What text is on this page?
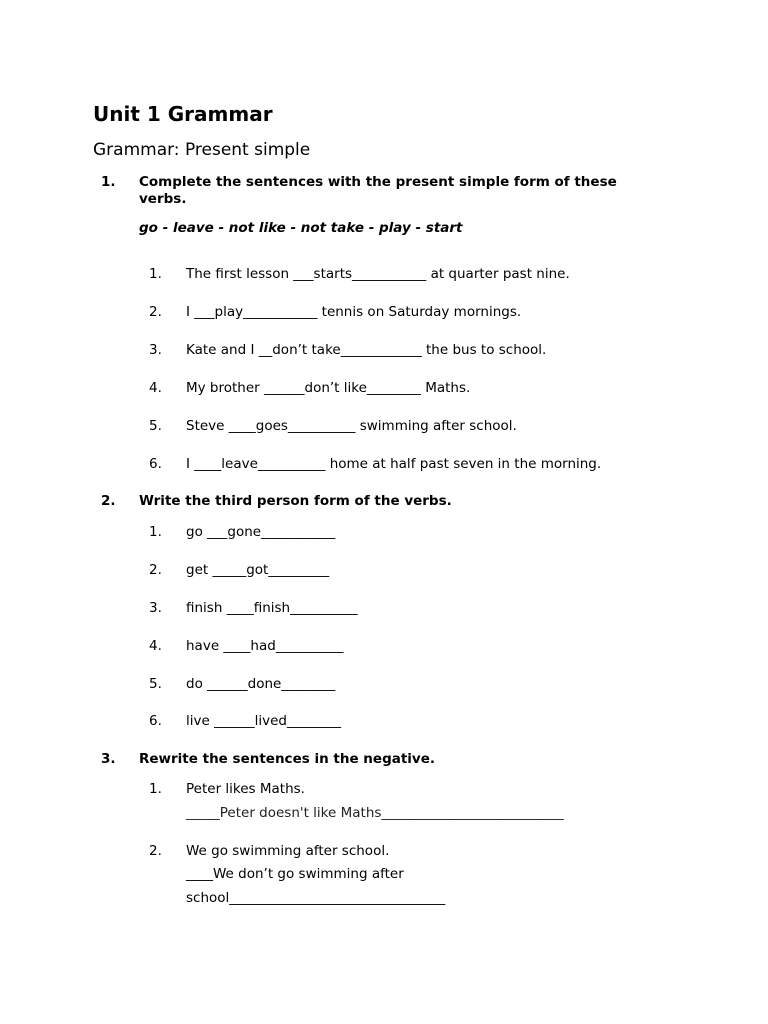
Unit 1 Grammar
Grammar: Present simple
1. Complete the sentences with the present simple form of these verbs.
go - leave - not like - not take - play - start
1. The first lesson ___starts___________ at quarter past nine.
2. I ___play___________ tennis on Saturday mornings.
3. Kate and I __don’t take____________ the bus to school.
4. My brother ______don’t like________ Maths.
5. Steve ____goes__________ swimming after school.
6. I ____leave__________ home at half past seven in the morning.
2. Write the third person form of the verbs.
1. go ___gone___________
2. get _____got_________
3. finish ____finish__________
4. have ____had__________
5. do ______done________
6. live ______lived________
3. Rewrite the sentences in the negative.
1. Peter likes Maths.
_____Peter doesn't like Maths___________________________
2. We go swimming after school.
____We don’t go swimming after
school________________________________
